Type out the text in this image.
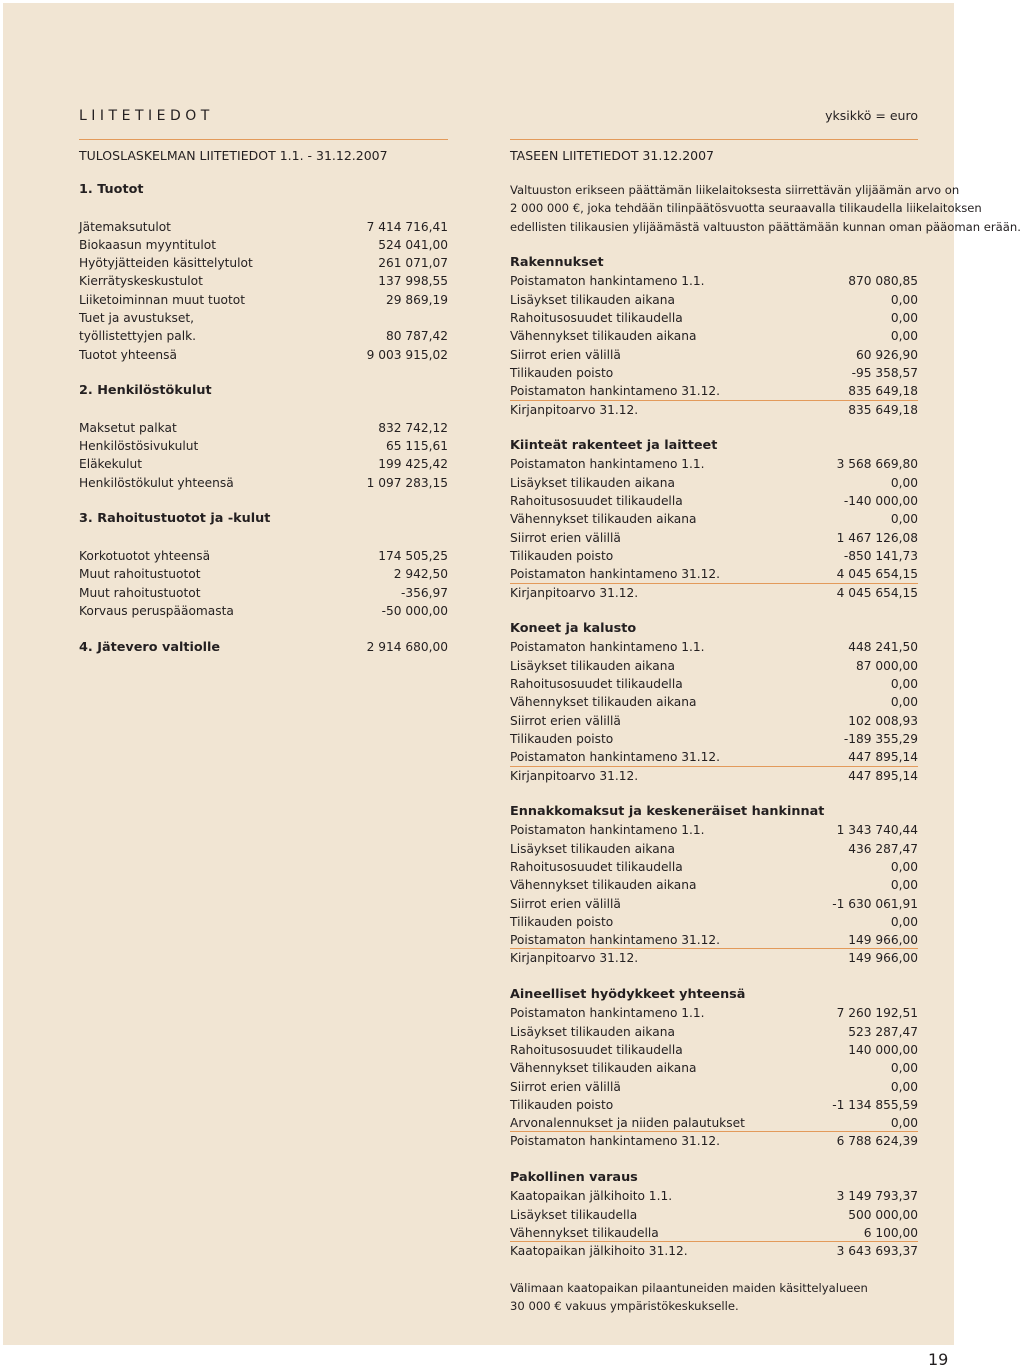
LIITETIEDOT	yksikkö = euro
TULOSLASKELMAN LIITETIEDOT 1.1. - 31.12.2007	TASEEN LIITETIEDOT 31.12.2007
1. Tuotot
Jätemaksutulot	7 414 716,41
Biokaasun myyntitulot	524 041,00
Hyötyjätteiden käsittelytulot	261 071,07
Kierrätyskeskustulot	137 998,55
Liiketoiminnan muut tuotot	29 869,19
Tuet ja avustukset,
työllistettyjen palk.	80 787,42
Tuotot yhteensä	9 003 915,02
2. Henkilöstökulut
Maksetut palkat	832 742,12
Henkilöstösivukulut	65 115,61
Eläkekulut	199 425,42
Henkilöstökulut yhteensä	1 097 283,15
3. Rahoitustuotot ja -kulut
Korkotuotot yhteensä	174 505,25
Muut rahoitustuotot	2 942,50
Muut rahoitustuotot	-356,97
Korvaus peruspääomasta	-50 000,00
4. Jätevero valtiolle	2 914 680,00
Valtuuston erikseen päättämän liikelaitoksesta siirrettävän ylijäämän arvo on
2 000 000 €, joka tehdään tilinpäätösvuotta seuraavalla tilikaudella liikelaitoksen
edellisten tilikausien ylijäämästä valtuuston päättämään kunnan oman pääoman erään.
Rakennukset
Poistamaton hankintameno 1.1.	870 080,85
Lisäykset tilikauden aikana	0,00
Rahoitusosuudet tilikaudella	0,00
Vähennykset tilikauden aikana	0,00
Siirrot erien välillä	60 926,90
Tilikauden poisto	-95 358,57
Poistamaton hankintameno 31.12.	835 649,18
Kirjanpitoarvo 31.12.	835 649,18
Kiinteät rakenteet ja laitteet
Poistamaton hankintameno 1.1.	3 568 669,80
Lisäykset tilikauden aikana	0,00
Rahoitusosuudet tilikaudella	-140 000,00
Vähennykset tilikauden aikana	0,00
Siirrot erien välillä	1 467 126,08
Tilikauden poisto	-850 141,73
Poistamaton hankintameno 31.12.	4 045 654,15
Kirjanpitoarvo 31.12.	4 045 654,15
Koneet ja kalusto
Poistamaton hankintameno 1.1.	448 241,50
Lisäykset tilikauden aikana	87 000,00
Rahoitusosuudet tilikaudella	0,00
Vähennykset tilikauden aikana	0,00
Siirrot erien välillä	102 008,93
Tilikauden poisto	-189 355,29
Poistamaton hankintameno 31.12.	447 895,14
Kirjanpitoarvo 31.12.	447 895,14
Ennakkomaksut ja keskeneräiset hankinnat
Poistamaton hankintameno 1.1.	1 343 740,44
Lisäykset tilikauden aikana	436 287,47
Rahoitusosuudet tilikaudella	0,00
Vähennykset tilikauden aikana	0,00
Siirrot erien välillä	-1 630 061,91
Tilikauden poisto	0,00
Poistamaton hankintameno 31.12.	149 966,00
Kirjanpitoarvo 31.12.	149 966,00
Aineelliset hyödykkeet yhteensä
Poistamaton hankintameno 1.1.	7 260 192,51
Lisäykset tilikauden aikana	523 287,47
Rahoitusosuudet tilikaudella	140 000,00
Vähennykset tilikauden aikana	0,00
Siirrot erien välillä	0,00
Tilikauden poisto	-1 134 855,59
Arvonalennukset ja niiden palautukset	0,00
Poistamaton hankintameno 31.12.	6 788 624,39
Pakollinen varaus
Kaatopaikan jälkihoito 1.1.	3 149 793,37
Lisäykset tilikaudella	500 000,00
Vähennykset tilikaudella	6 100,00
Kaatopaikan jälkihoito 31.12.	3 643 693,37
Välimaan kaatopaikan pilaantuneiden maiden käsittelyalueen
30 000 € vakuus ympäristökeskukselle.
19
